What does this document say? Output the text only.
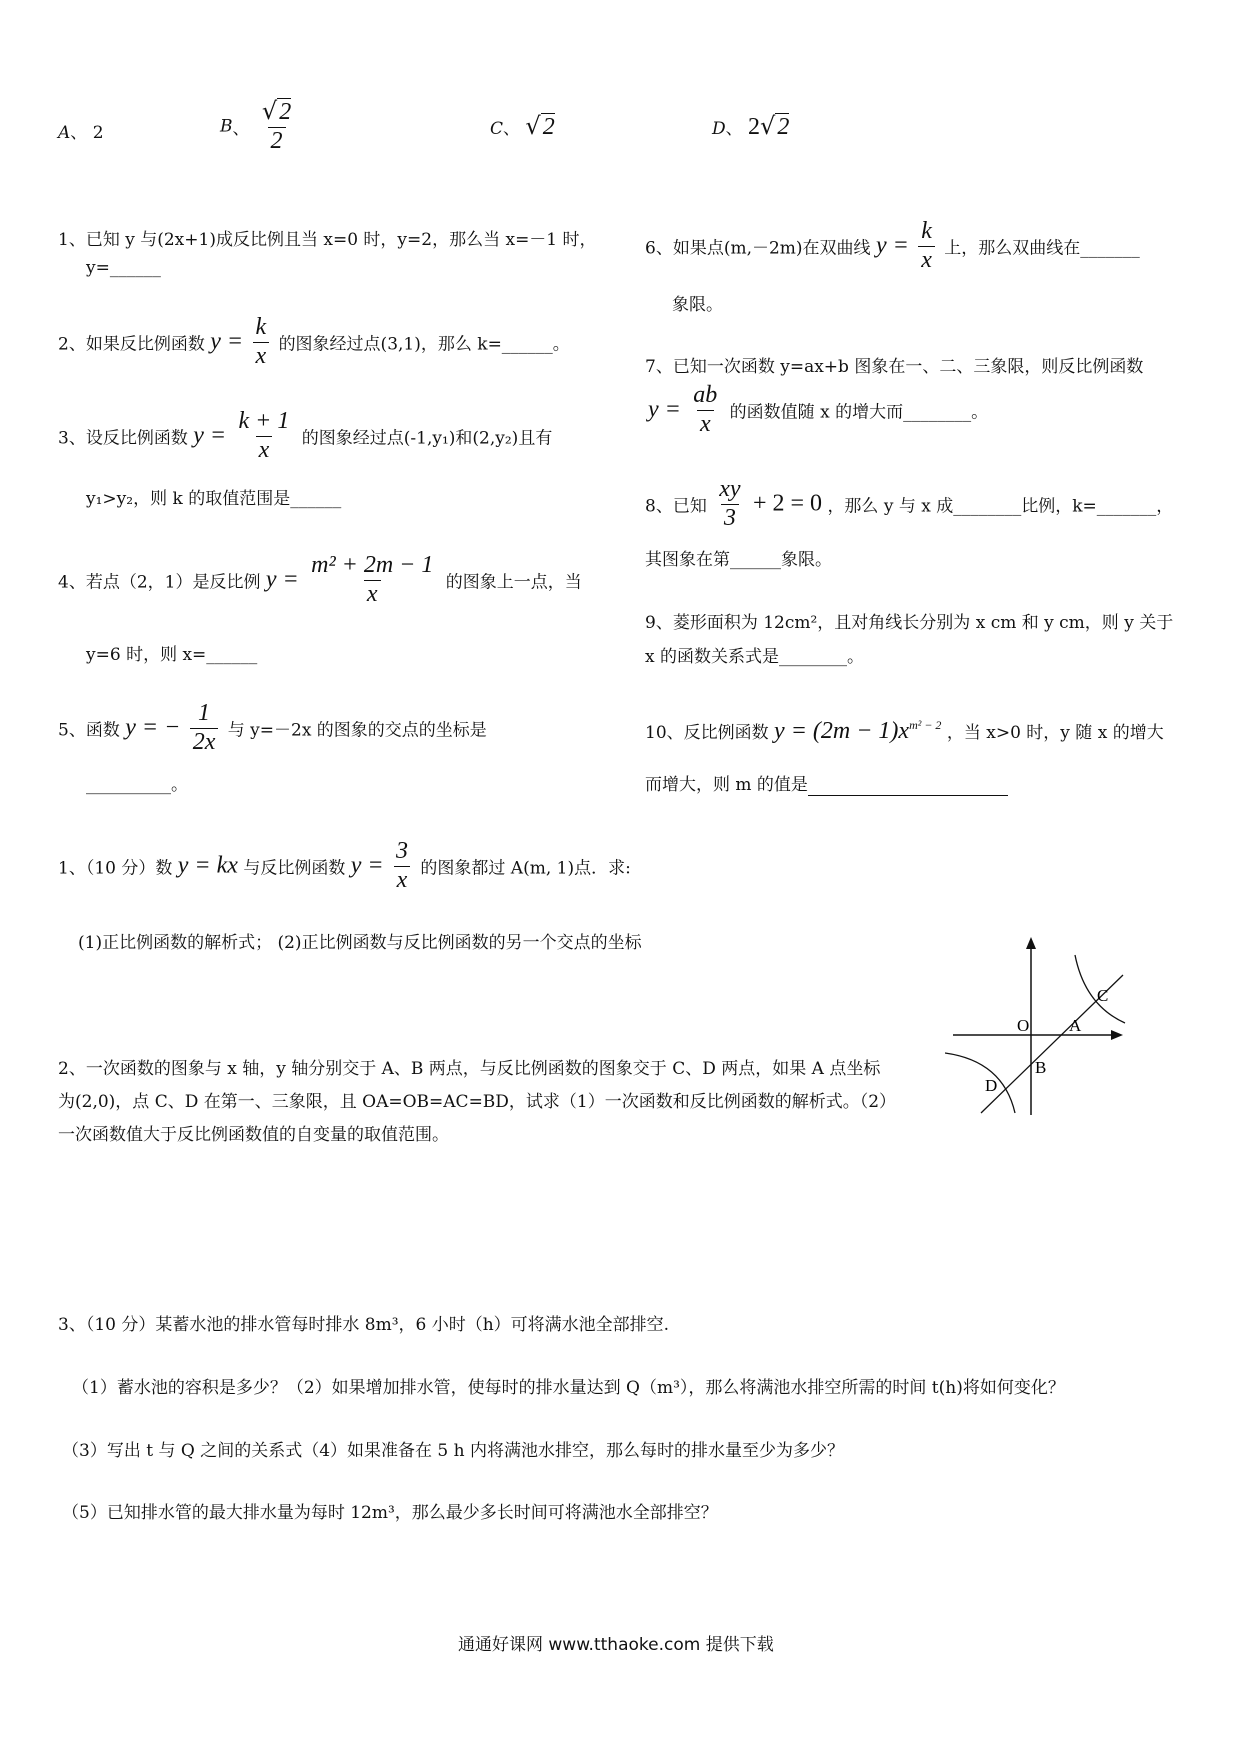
A、 2	B、 $\frac{√2}{2}$	C、 √2	D、 2√2
1、已知 y 与(2x+1)成反比例且当 x=0 时，y=2，那么当 x=－1 时，
y=______
2、如果反比例函数 $y = \frac{k}{x}$ 的图象经过点(3,1)，那么 k=______。
3、设反比例函数 $y = \frac{k + 1}{x}$ 的图象经过点(-1,y₁)和(2,y₂)且有
y₁>y₂，则 k 的取值范围是______
4、若点（2，1）是反比例 $y = \frac{\text{m² + 2m − 1}}{x}$ 的图象上一点，当
y=6 时，则 x=______
5、函数 y = − $\frac{1}{2x}$ 与 y=－2x 的图象的交点的坐标是
__________。
6、如果点(m,－2m)在双曲线 $y = \frac{k}{x}$ 上，那么双曲线在_______
象限。
7、已知一次函数 y=ax+b 图象在一、二、三象限，则反比例函数
$y = \frac{ab}{x}$ 的函数值随 x 的增大而________。
8、已知 $\frac{xy}{3} + 2 = 0$ ，那么 y 与 x 成________比例，k=_______，
其图象在第______象限。
9、菱形面积为 12cm²，且对角线长分别为 x cm 和 y cm，则 y 关于
x 的函数关系式是________。
10、反比例函数 $y = (2m - 1)x^{m^2 - 2}$ ，当 x>0 时，y 随 x 的增大
而增大，则 m 的值是
1、（10 分）数 y = kx 与反比例函数 $y = \frac{3}{x}$ 的图象都过 A(m, 1)点．求:
(1)正比例函数的解析式； (2)正比例函数与反比例函数的另一个交点的坐标
O A
B
C
D
2、一次函数的图象与 x 轴，y 轴分别交于 A、B 两点，与反比例函数的图象交于 C、D 两点，如果 A 点坐标
为(2,0)，点 C、D 在第一、三象限，且 OA=OB=AC=BD，试求（1）一次函数和反比例函数的解析式。（2）
一次函数值大于反比例函数值的自变量的取值范围。
3、（10 分）某蓄水池的排水管每时排水 8m³，6 小时（h）可将满水池全部排空.
（1）蓄水池的容积是多少？（2）如果增加排水管，使每时的排水量达到 Q（m³），那么将满池水排空所需的时间 t(h)将如何变化？
（3）写出 t 与 Q 之间的关系式（4）如果准备在 5 h 内将满池水排空，那么每时的排水量至少为多少？
（5）已知排水管的最大排水量为每时 12m³，那么最少多长时间可将满池水全部排空？
通通好课网 www.tthaoke.com 提供下载
